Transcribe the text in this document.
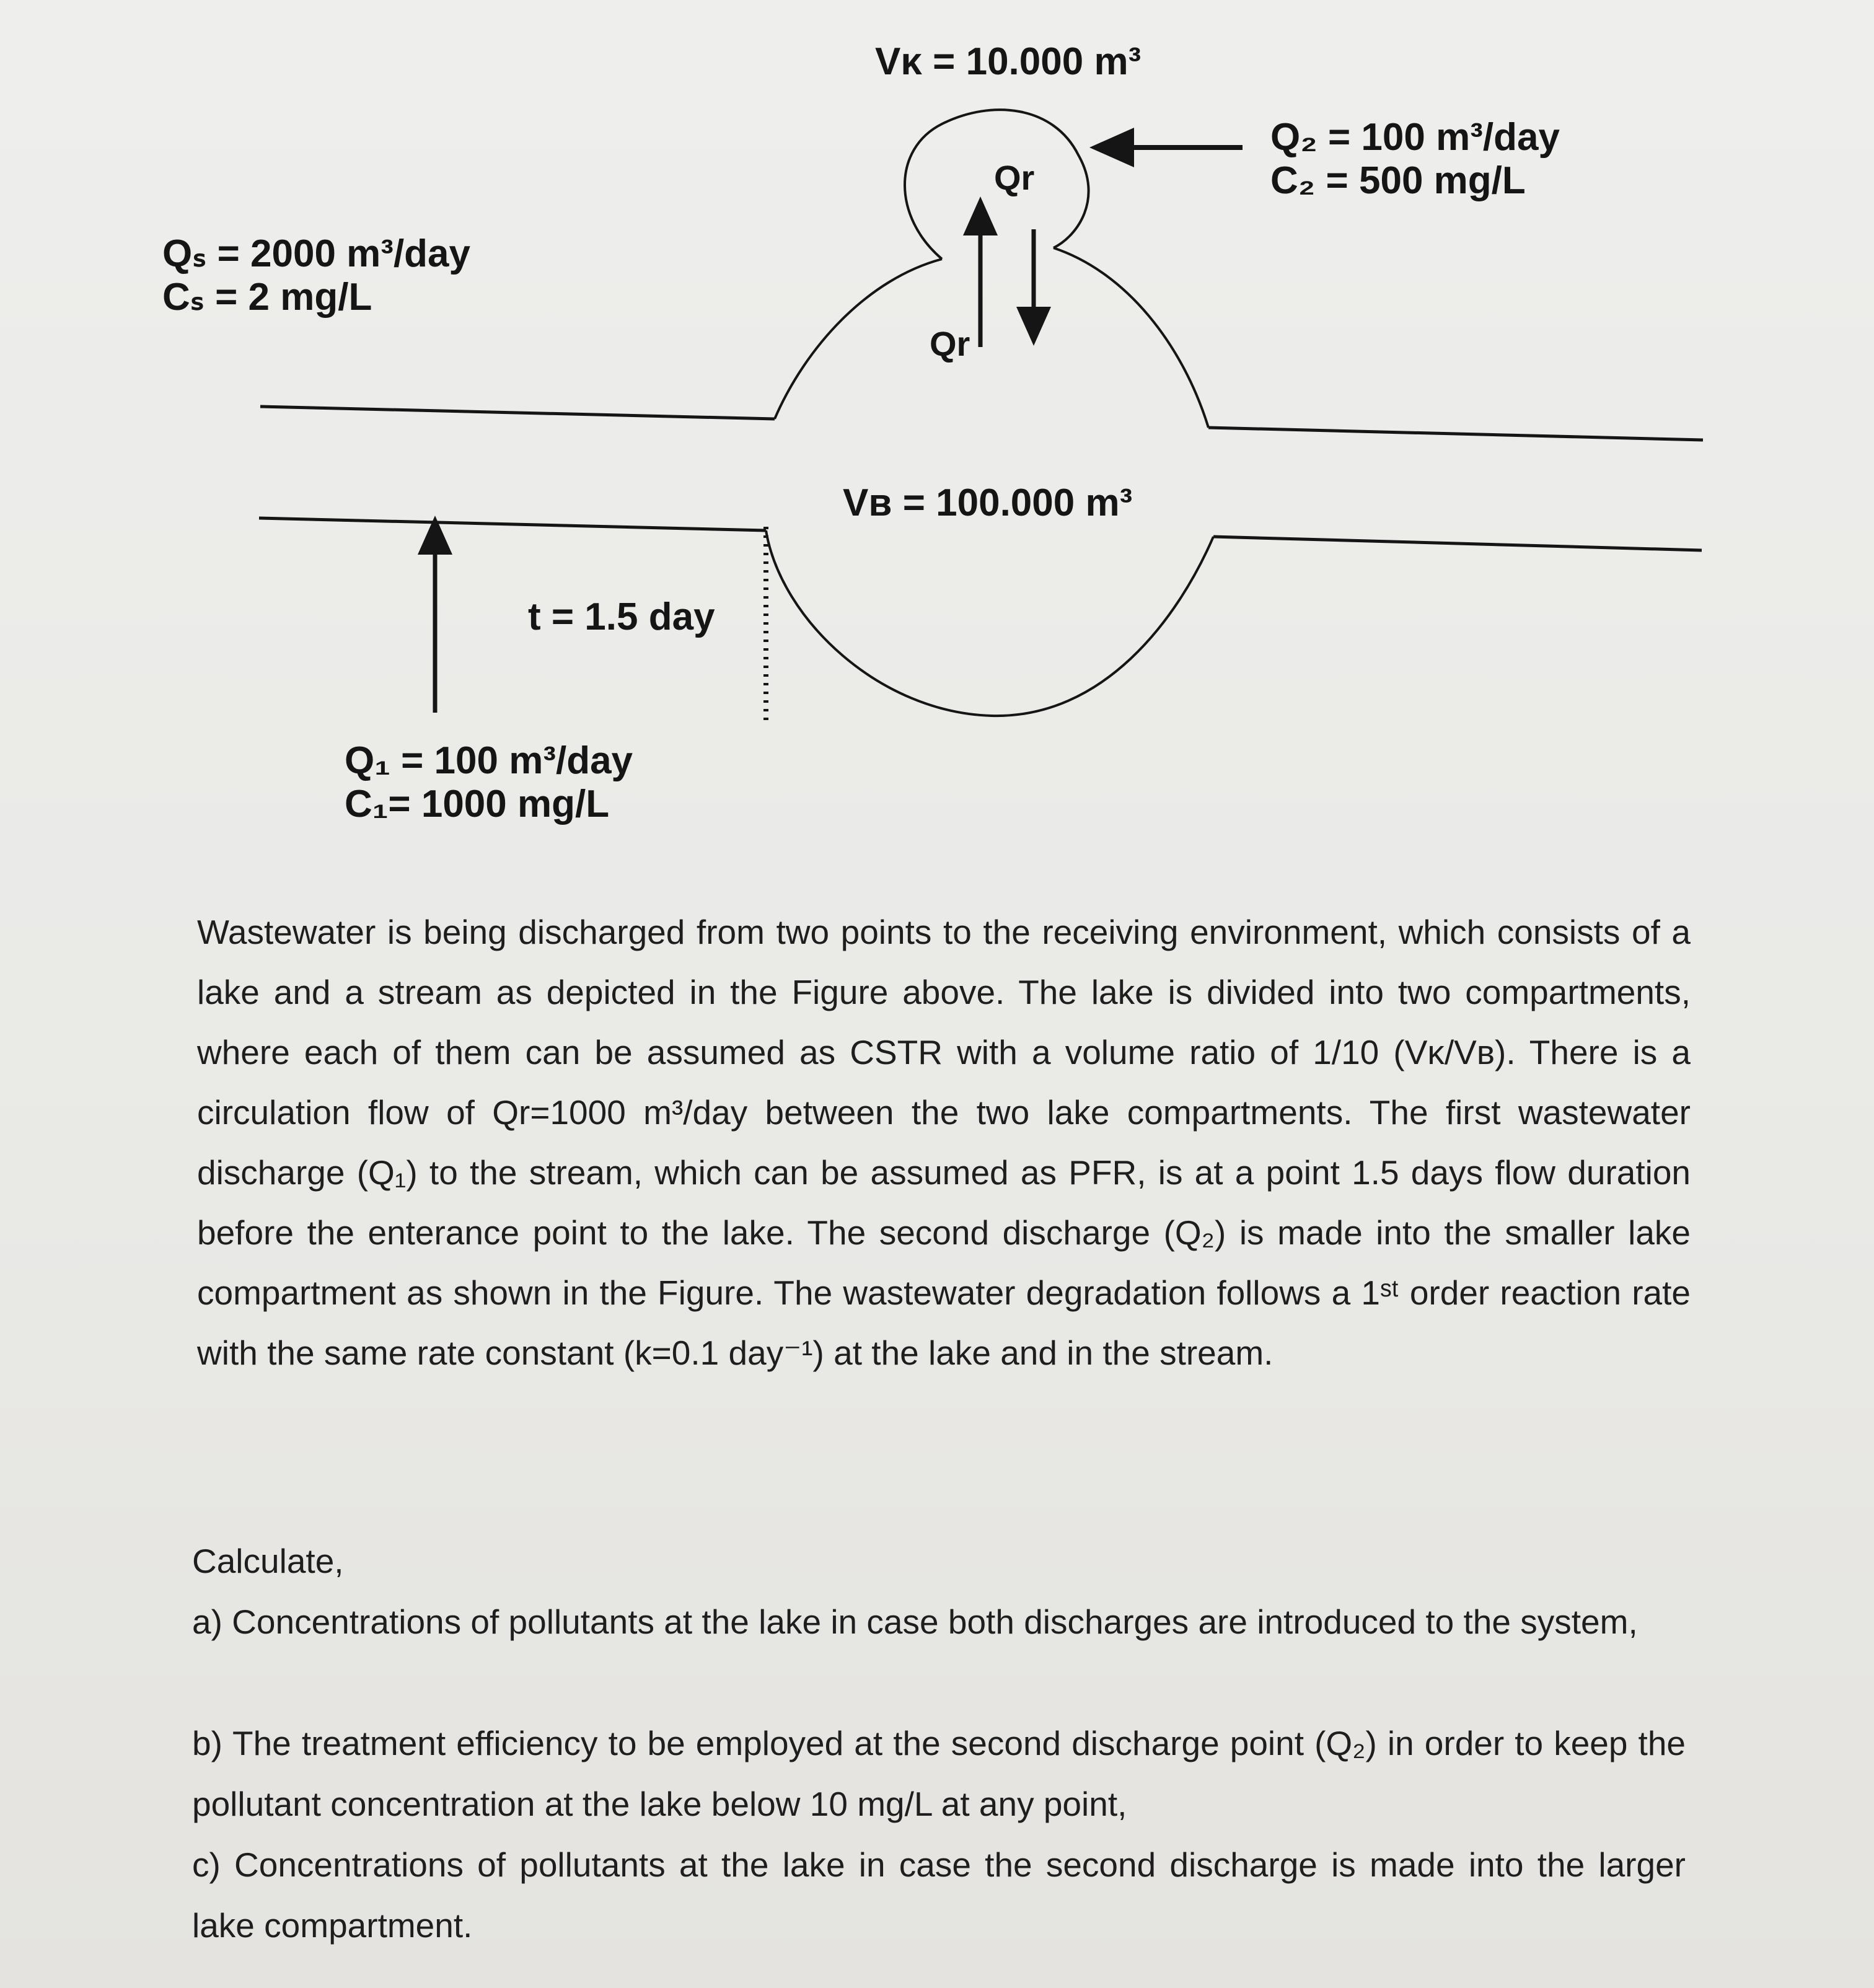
Vᴋ = 10.000 m³
Q₂ = 100 m³/day
C₂ = 500 mg/L
Qr
Qr
Qₛ = 2000 m³/day
Cₛ = 2 mg/L
Vʙ = 100.000 m³
t = 1.5 day
Q₁ = 100 m³/day
C₁= 1000 mg/L
Wastewater is being discharged from two points to the receiving environment, which consists of a lake and a stream as depicted in the Figure above. The lake is divided into two compartments, where each of them can be assumed as CSTR with a volume ratio of 1/10 (Vᴋ/Vʙ). There is a circulation flow of Qr=1000 m³/day between the two lake compartments. The first wastewater discharge (Q₁) to the stream, which can be assumed as PFR, is at a point 1.5 days flow duration before the enterance point to the lake. The second discharge (Q₂) is made into the smaller lake compartment as shown in the Figure. The wastewater degradation follows a 1ˢᵗ order reaction rate with the same rate constant (k=0.1 day⁻¹) at the lake and in the stream.
Calculate,
a) Concentrations of pollutants at the lake in case both discharges are introduced to the system,
b) The treatment efficiency to be employed at the second discharge point (Q₂) in order to keep the pollutant concentration at the lake below 10 mg/L at any point,
c) Concentrations of pollutants at the lake in case the second discharge is made into the larger lake compartment.
